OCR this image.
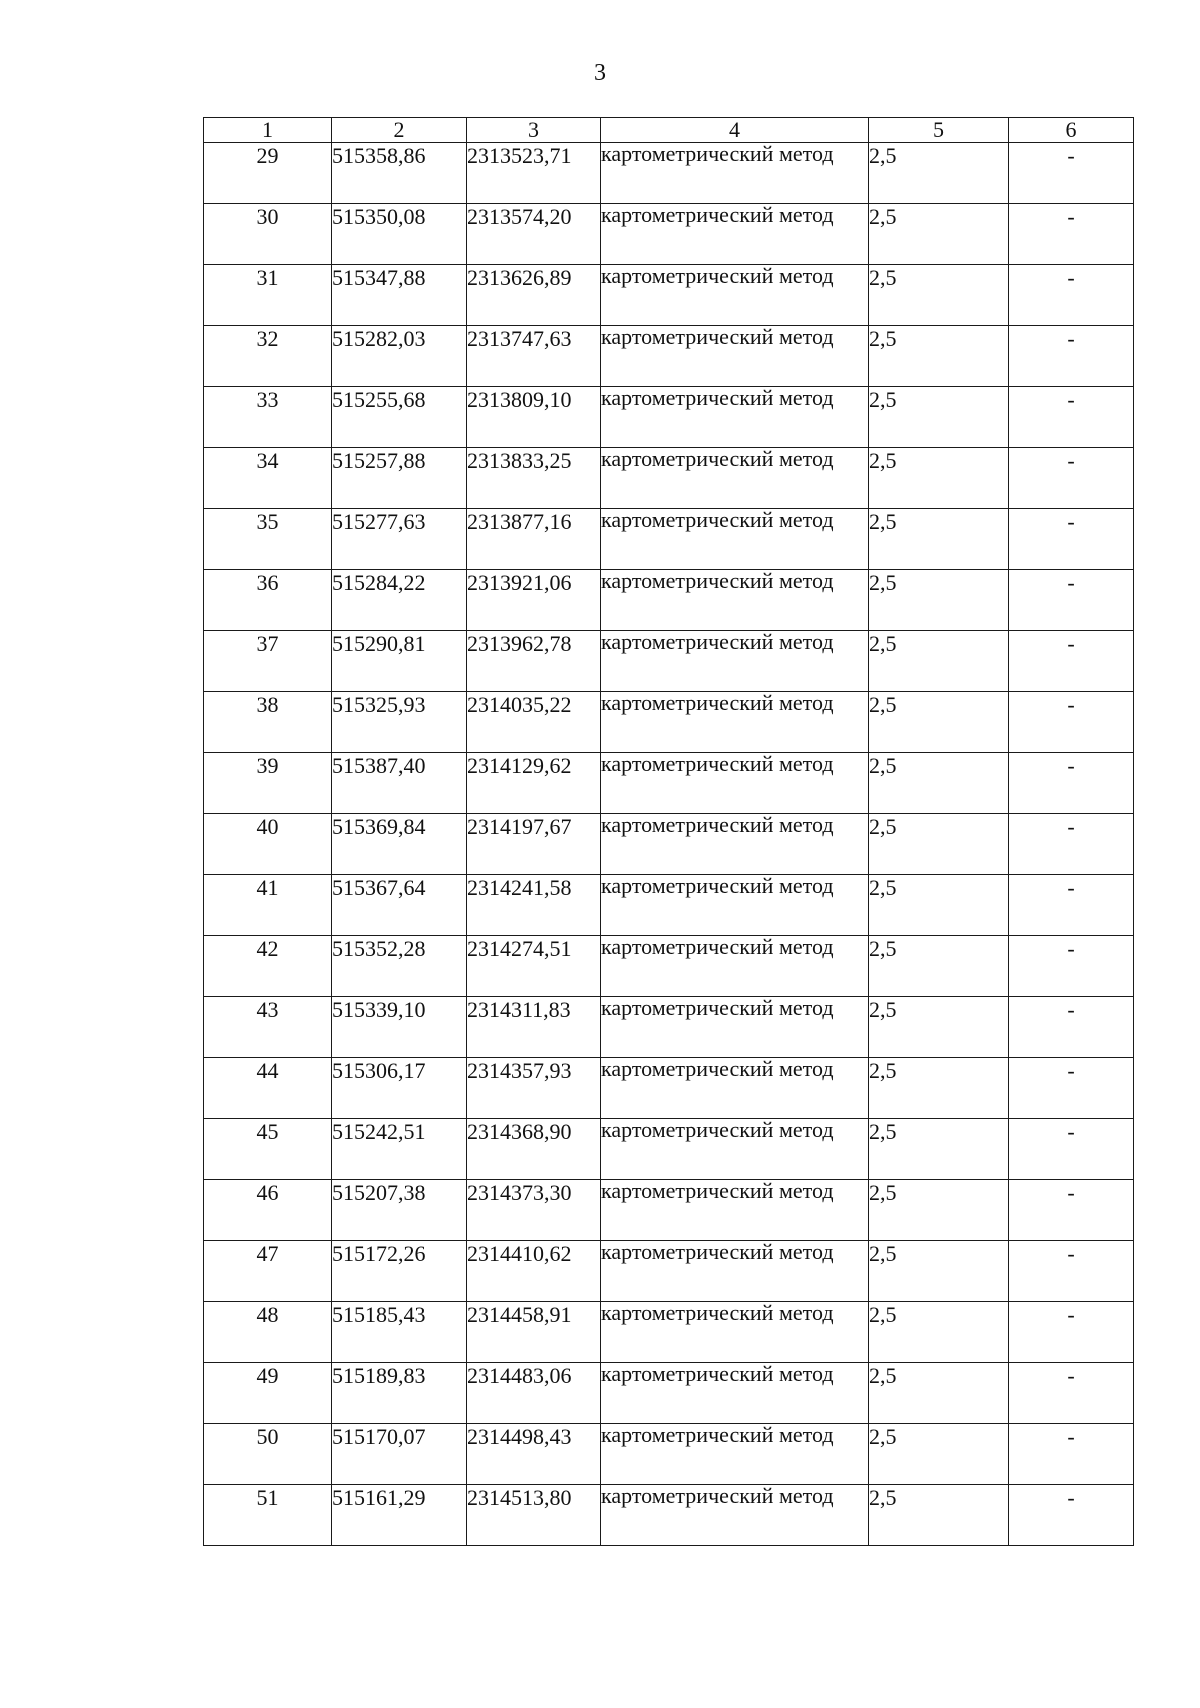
3
1	2	3	4	5	6
29	515358,86	2313523,71	картометрический метод	2,5	-
30	515350,08	2313574,20	картометрический метод	2,5	-
31	515347,88	2313626,89	картометрический метод	2,5	-
32	515282,03	2313747,63	картометрический метод	2,5	-
33	515255,68	2313809,10	картометрический метод	2,5	-
34	515257,88	2313833,25	картометрический метод	2,5	-
35	515277,63	2313877,16	картометрический метод	2,5	-
36	515284,22	2313921,06	картометрический метод	2,5	-
37	515290,81	2313962,78	картометрический метод	2,5	-
38	515325,93	2314035,22	картометрический метод	2,5	-
39	515387,40	2314129,62	картометрический метод	2,5	-
40	515369,84	2314197,67	картометрический метод	2,5	-
41	515367,64	2314241,58	картометрический метод	2,5	-
42	515352,28	2314274,51	картометрический метод	2,5	-
43	515339,10	2314311,83	картометрический метод	2,5	-
44	515306,17	2314357,93	картометрический метод	2,5	-
45	515242,51	2314368,90	картометрический метод	2,5	-
46	515207,38	2314373,30	картометрический метод	2,5	-
47	515172,26	2314410,62	картометрический метод	2,5	-
48	515185,43	2314458,91	картометрический метод	2,5	-
49	515189,83	2314483,06	картометрический метод	2,5	-
50	515170,07	2314498,43	картометрический метод	2,5	-
51	515161,29	2314513,80	картометрический метод	2,5	-
